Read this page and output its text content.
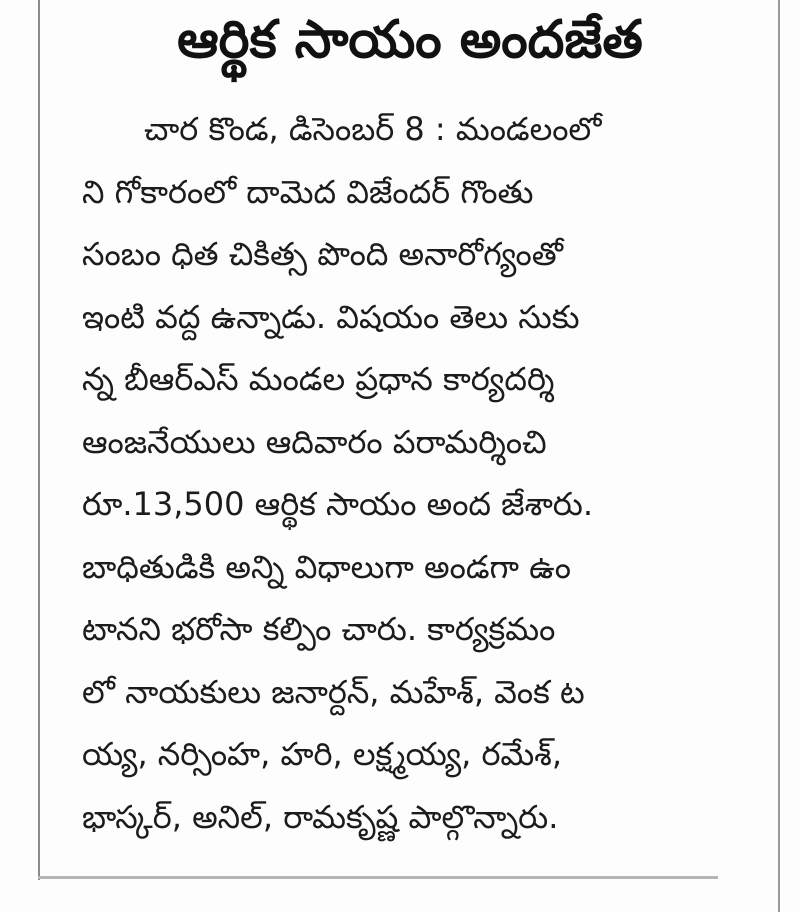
ఆర్థిక సాయం అందజేత
చార కొండ, డిసెంబర్ 8 : మండలంలో
ని గోకారంలో దామెద విజేందర్ గొంతు
సంబం ధిత చికిత్స పొంది అనారోగ్యంతో
ఇంటి వద్ద ఉన్నాడు. విషయం తెలు సుకు
న్న బీఆర్ఎస్ మండల ప్రధాన కార్యదర్శి
ఆంజనేయులు ఆదివారం పరామర్శించి
రూ.13,500 ఆర్థిక సాయం అంద జేశారు.
బాధితుడికి అన్ని విధాలుగా అండగా ఉం
టానని భరోసా కల్పిం చారు. కార్యక్రమం
లో నాయకులు జనార్దన్, మహేశ్, వెంక ట
య్య, నర్సింహ, హరి, లక్ష్మయ్య, రమేశ్,
భాస్కర్, అనిల్, రామకృష్ణ పాల్గొన్నారు.
